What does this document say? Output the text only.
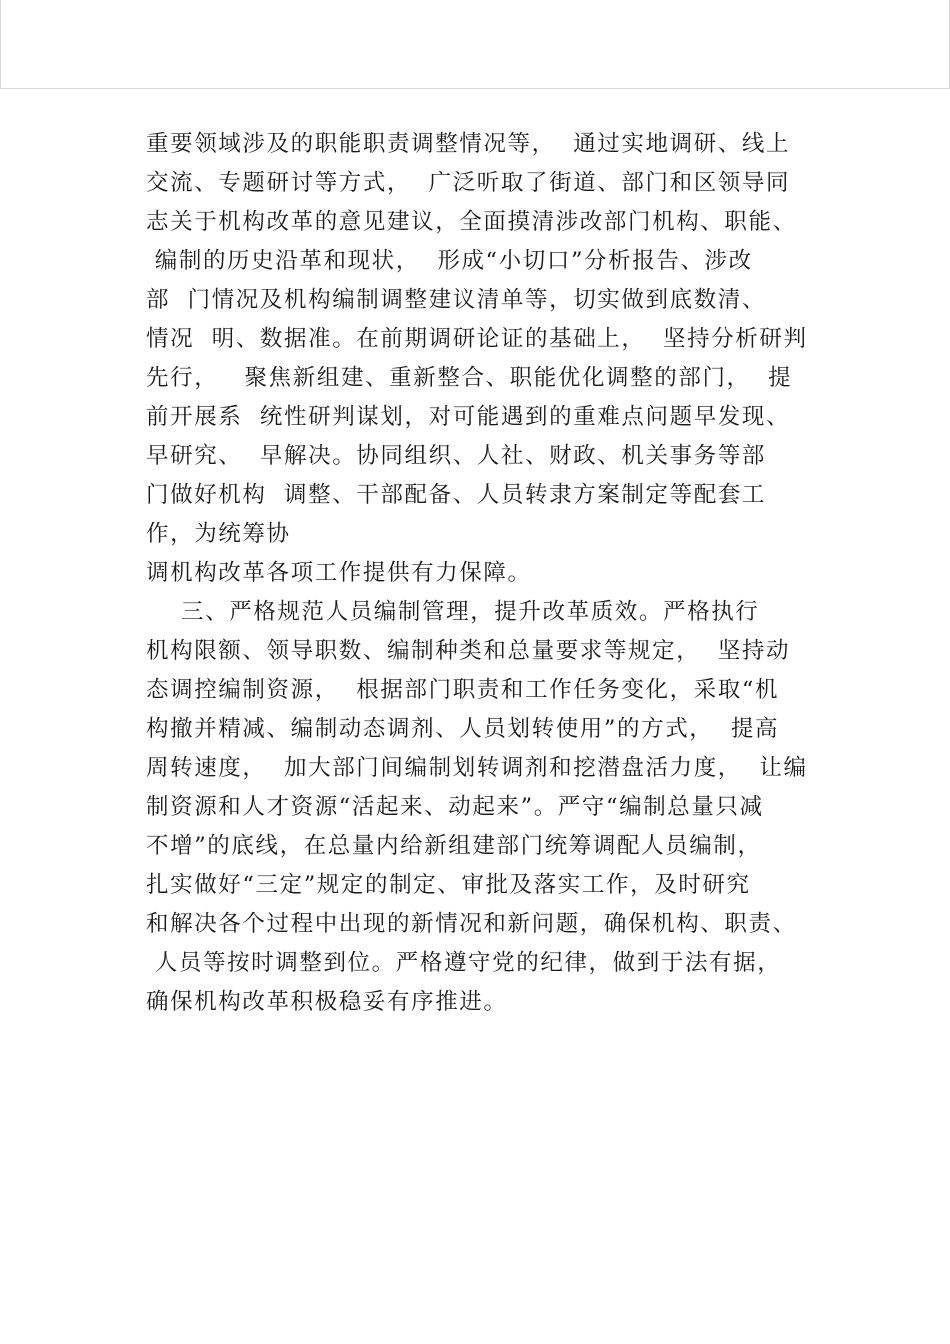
重要领域涉及的职能职责调整情况等，  通过实地调研、线上
交流、专题研讨等方式，  广泛听取了街道、部门和区领导同
志关于机构改革的意见建议，全面摸清涉改部门机构、职能、
编制的历史沿革和现状，  形成“小切口”分析报告、涉改
部  门情况及机构编制调整建议清单等，切实做到底数清、
情况  明、数据准。在前期调研论证的基础上，  坚持分析研判
先行，   聚焦新组建、重新整合、职能优化调整的部门，  提
前开展系  统性研判谋划，对可能遇到的重难点问题早发现、
早研究、  早解决。协同组织、人社、财政、机关事务等部
门做好机构  调整、干部配备、人员转隶方案制定等配套工
作，为统筹协
调机构改革各项工作提供有力保障。
三、严格规范人员编制管理，提升改革质效。严格执行
机构限额、领导职数、编制种类和总量要求等规定，  坚持动
态调控编制资源，  根据部门职责和工作任务变化，采取“机
构撤并精减、编制动态调剂、人员划转使用”的方式，  提高
周转速度，  加大部门间编制划转调剂和挖潜盘活力度，  让编
制资源和人才资源“活起来、动起来”。严守“编制总量只减
不增”的底线，在总量内给新组建部门统筹调配人员编制，
扎实做好“三定”规定的制定、审批及落实工作，及时研究
和解决各个过程中出现的新情况和新问题，确保机构、职责、
人员等按时调整到位。严格遵守党的纪律，做到于法有据，
确保机构改革积极稳妥有序推进。
